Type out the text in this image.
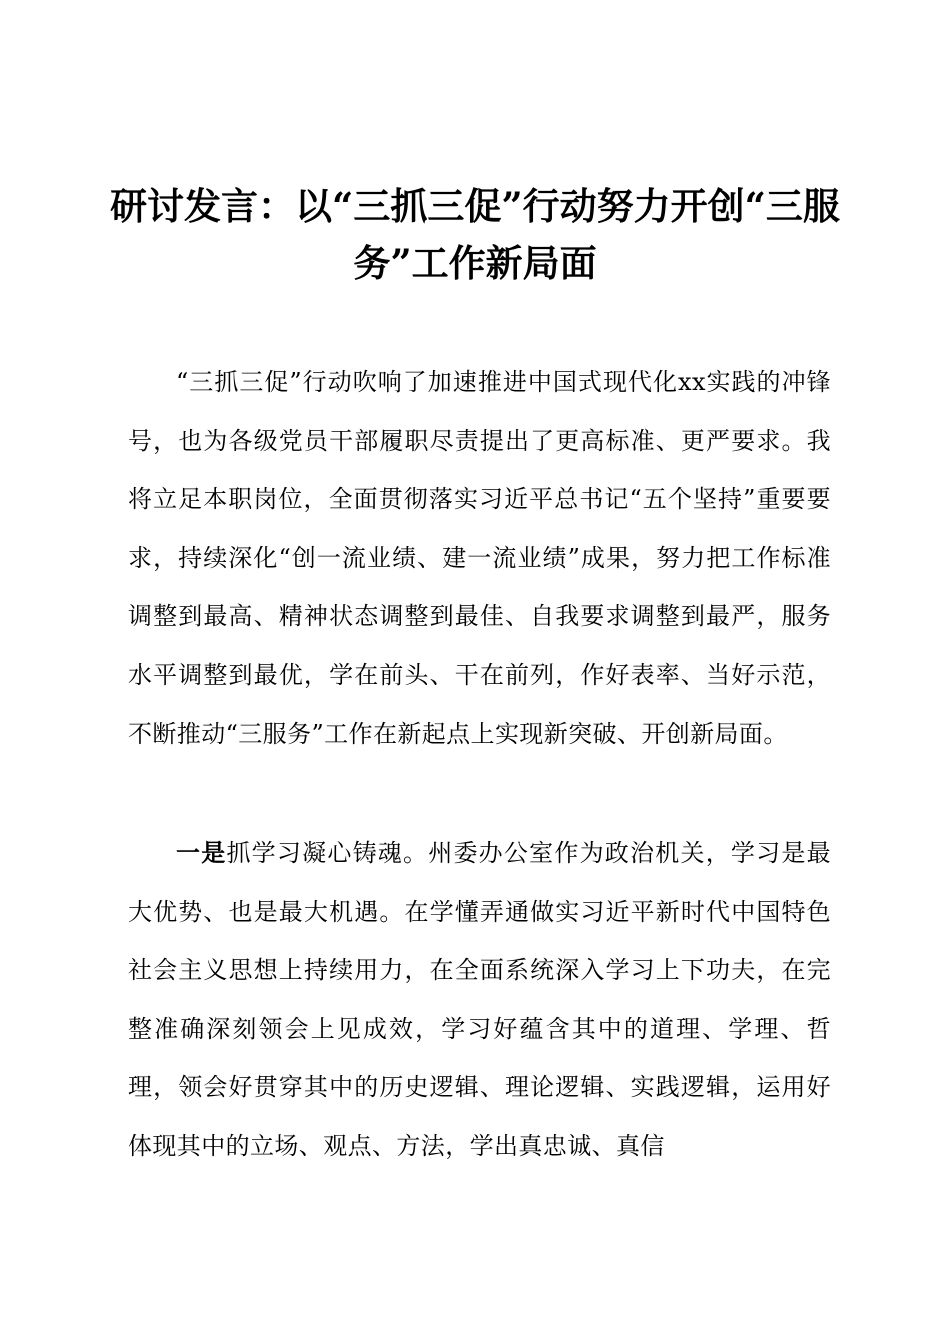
研讨发言：以“三抓三促”行动努力开创“三服务”工作新局面

“三抓三促”行动吹响了加速推进中国式现代化xx实践的冲锋号，也为各级党员干部履职尽责提出了更高标准、更严要求。我将立足本职岗位，全面贯彻落实习近平总书记“五个坚持”重要要求，持续深化“创一流业绩、建一流业绩”成果，努力把工作标准调整到最高、精神状态调整到最佳、自我要求调整到最严，服务水平调整到最优，学在前头、干在前列，作好表率、当好示范，不断推动“三服务”工作在新起点上实现新突破、开创新局面。

一是抓学习凝心铸魂。州委办公室作为政治机关，学习是最大优势、也是最大机遇。在学懂弄通做实习近平新时代中国特色社会主义思想上持续用力，在全面系统深入学习上下功夫，在完整准确深刻领会上见成效，学习好蕴含其中的道理、学理、哲理，领会好贯穿其中的历史逻辑、理论逻辑、实践逻辑，运用好体现其中的立场、观点、方法，学出真忠诚、真信
